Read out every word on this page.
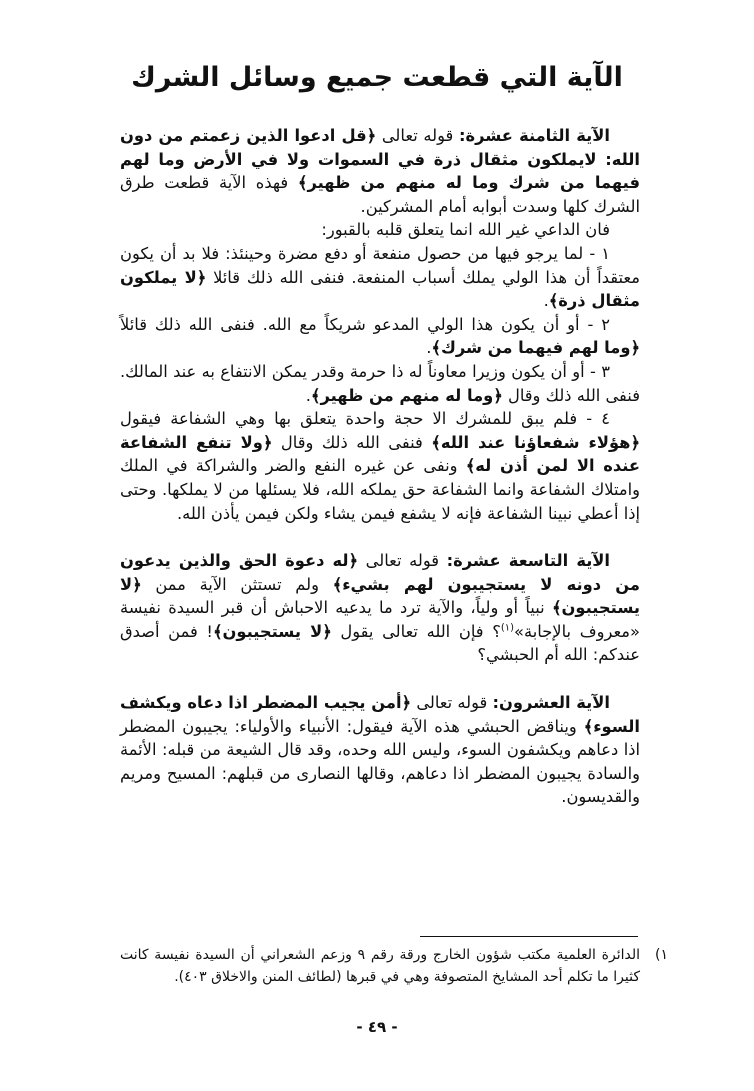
الآية التي قطعت جميع وسائل الشرك

الآية الثامنة عشرة: قوله تعالى ﴿قل ادعوا الذين زعمتم من دون الله: لايملكون مثقال ذرة في السموات ولا في الأرض وما لهم فيهما من شرك وما له منهم من ظهير﴾ فهذه الآية قطعت طرق الشرك كلها وسدت أبوابه أمام المشركين.

فان الداعي غير الله انما يتعلق قلبه بالقبور:

١ - لما يرجو فيها من حصول منفعة أو دفع مضرة وحينئذ: فلا بد أن يكون معتقداً أن هذا الولي يملك أسباب المنفعة. فنفى الله ذلك قائلا ﴿لا يملكون مثقال ذرة﴾.

٢ - أو أن يكون هذا الولي المدعو شريكاً مع الله. فنفى الله ذلك قائلاً ﴿وما لهم فيهما من شرك﴾.

٣ - أو أن يكون وزيرا معاوناً له ذا حرمة وقدر يمكن الانتفاع به عند المالك. فنفى الله ذلك وقال ﴿وما له منهم من ظهير﴾.

٤ - فلم يبق للمشرك الا حجة واحدة يتعلق بها وهي الشفاعة فيقول ﴿هؤلاء شفعاؤنا عند الله﴾ فنفى الله ذلك وقال ﴿ولا تنفع الشفاعة عنده الا لمن أذن له﴾ ونفى عن غيره النفع والضر والشراكة في الملك وامتلاك الشفاعة وانما الشفاعة حق يملكه الله، فلا يسئلها من لا يملكها. وحتى إذا أعطي نبينا الشفاعة فإنه لا يشفع فيمن يشاء ولكن فيمن يأذن الله.

الآية التاسعة عشرة: قوله تعالى ﴿له دعوة الحق والذين يدعون من دونه لا يستجيبون لهم بشيء﴾ ولم تستثن الآية ممن ﴿لا يستجيبون﴾ نبياً أو ولياً، والآية ترد ما يدعيه الاحباش أن قبر السيدة نفيسة «معروف بالإجابة»$^{(١)}$؟ فإن الله تعالى يقول ﴿لا يستجيبون﴾! فمن أصدق عندكم: الله أم الحبشي؟

الآية العشرون: قوله تعالى ﴿أمن يجيب المضطر اذا دعاه ويكشف السوء﴾ ويناقض الحبشي هذه الآية فيقول: الأنبياء والأولياء: يجيبون المضطر اذا دعاهم ويكشفون السوء، وليس الله وحده، وقد قال الشيعة من قبله: الأئمة والسادة يجيبون المضطر اذا دعاهم، وقالها النصارى من قبلهم: المسيح ومريم والقديسون.

١)
الدائرة العلمية مكتب شؤون الخارج ورقة رقم ٩ وزعم الشعراني أن السيدة نفيسة كانت كثيرا ما تكلم أحد المشايخ المتصوفة وهي في قبرها (لطائف المنن والاخلاق ٤٠٣).
- ٤٩ -
